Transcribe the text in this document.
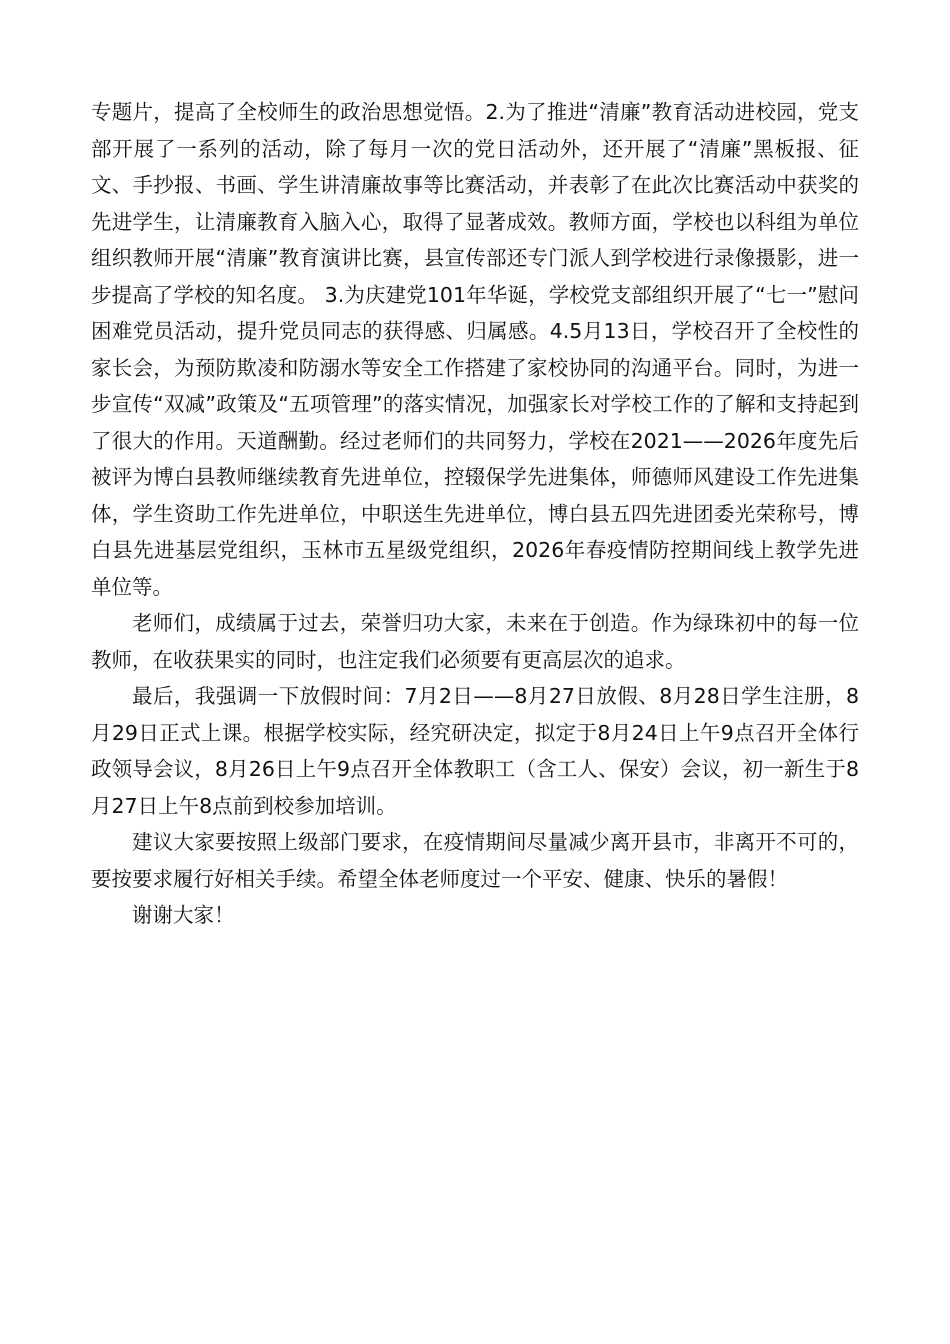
专题片，提高了全校师生的政治思想觉悟。2.为了推进“清廉”教育活动进校园，党支部开展了一系列的活动，除了每月一次的党日活动外，还开展了“清廉”黑板报、征文、手抄报、书画、学生讲清廉故事等比赛活动，并表彰了在此次比赛活动中获奖的先进学生，让清廉教育入脑入心，取得了显著成效。教师方面，学校也以科组为单位组织教师开展“清廉”教育演讲比赛，县宣传部还专门派人到学校进行录像摄影，进一步提高了学校的知名度。 3.为庆建党101年华诞，学校党支部组织开展了“七一”慰问困难党员活动，提升党员同志的获得感、归属感。4.5月13日，学校召开了全校性的家长会，为预防欺凌和防溺水等安全工作搭建了家校协同的沟通平台。同时，为进一步宣传“双减”政策及“五项管理”的落实情况，加强家长对学校工作的了解和支持起到了很大的作用。天道酬勤。经过老师们的共同努力，学校在2021——2026年度先后被评为博白县教师继续教育先进单位，控辍保学先进集体，师德师风建设工作先进集体，学生资助工作先进单位，中职送生先进单位，博白县五四先进团委光荣称号，博白县先进基层党组织，玉林市五星级党组织，2026年春疫情防控期间线上教学先进单位等。

老师们，成绩属于过去，荣誉归功大家，未来在于创造。作为绿珠初中的每一位教师，在收获果实的同时，也注定我们必须要有更高层次的追求。

最后，我强调一下放假时间：7月2日——8月27日放假、8月28日学生注册，8月29日正式上课。根据学校实际，经究研决定，拟定于8月24日上午9点召开全体行政领导会议，8月26日上午9点召开全体教职工（含工人、保安）会议，初一新生于8月27日上午8点前到校参加培训。

建议大家要按照上级部门要求，在疫情期间尽量减少离开县市，非离开不可的，要按要求履行好相关手续。希望全体老师度过一个平安、健康、快乐的暑假！

谢谢大家！
